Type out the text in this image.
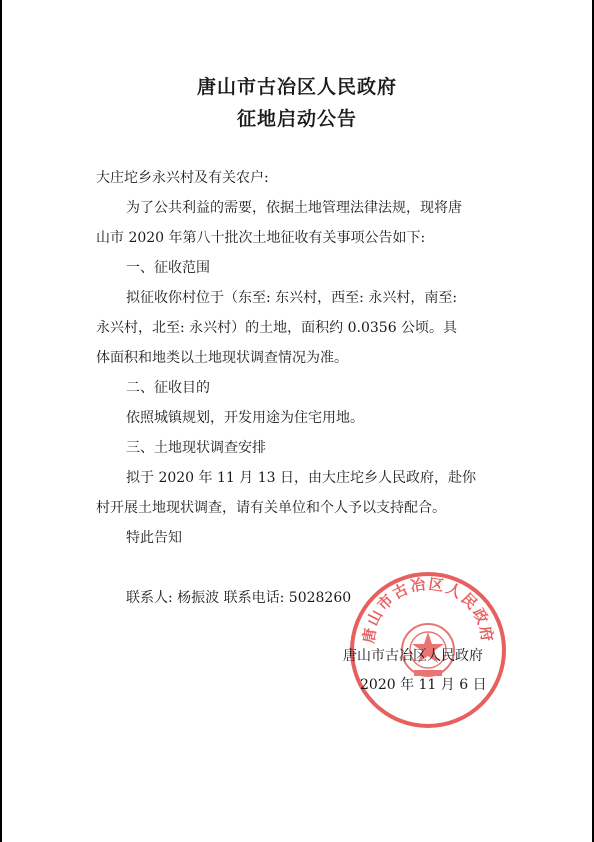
唐山市古冶区人民政府
征地启动公告
大庄坨乡永兴村及有关农户:
为了公共利益的需要，依据土地管理法律法规，现将唐
山市 2020 年第八十批次土地征收有关事项公告如下:
一、征收范围
拟征收你村位于（东至: 东兴村，西至: 永兴村，南至:
永兴村，北至: 永兴村）的土地，面积约 0.0356 公顷。具
体面积和地类以土地现状调查情况为准。
二、征收目的
依照城镇规划，开发用途为住宅用地。
三、土地现状调查安排
拟于 2020 年 11 月 13 日，由大庄坨乡人民政府，赴你
村开展土地现状调查，请有关单位和个人予以支持配合。
特此告知
联系人: 杨振波 联系电话: 5028260
唐山市古冶区人民政府
唐山市古冶区人民政府
2020 年 11 月 6 日
